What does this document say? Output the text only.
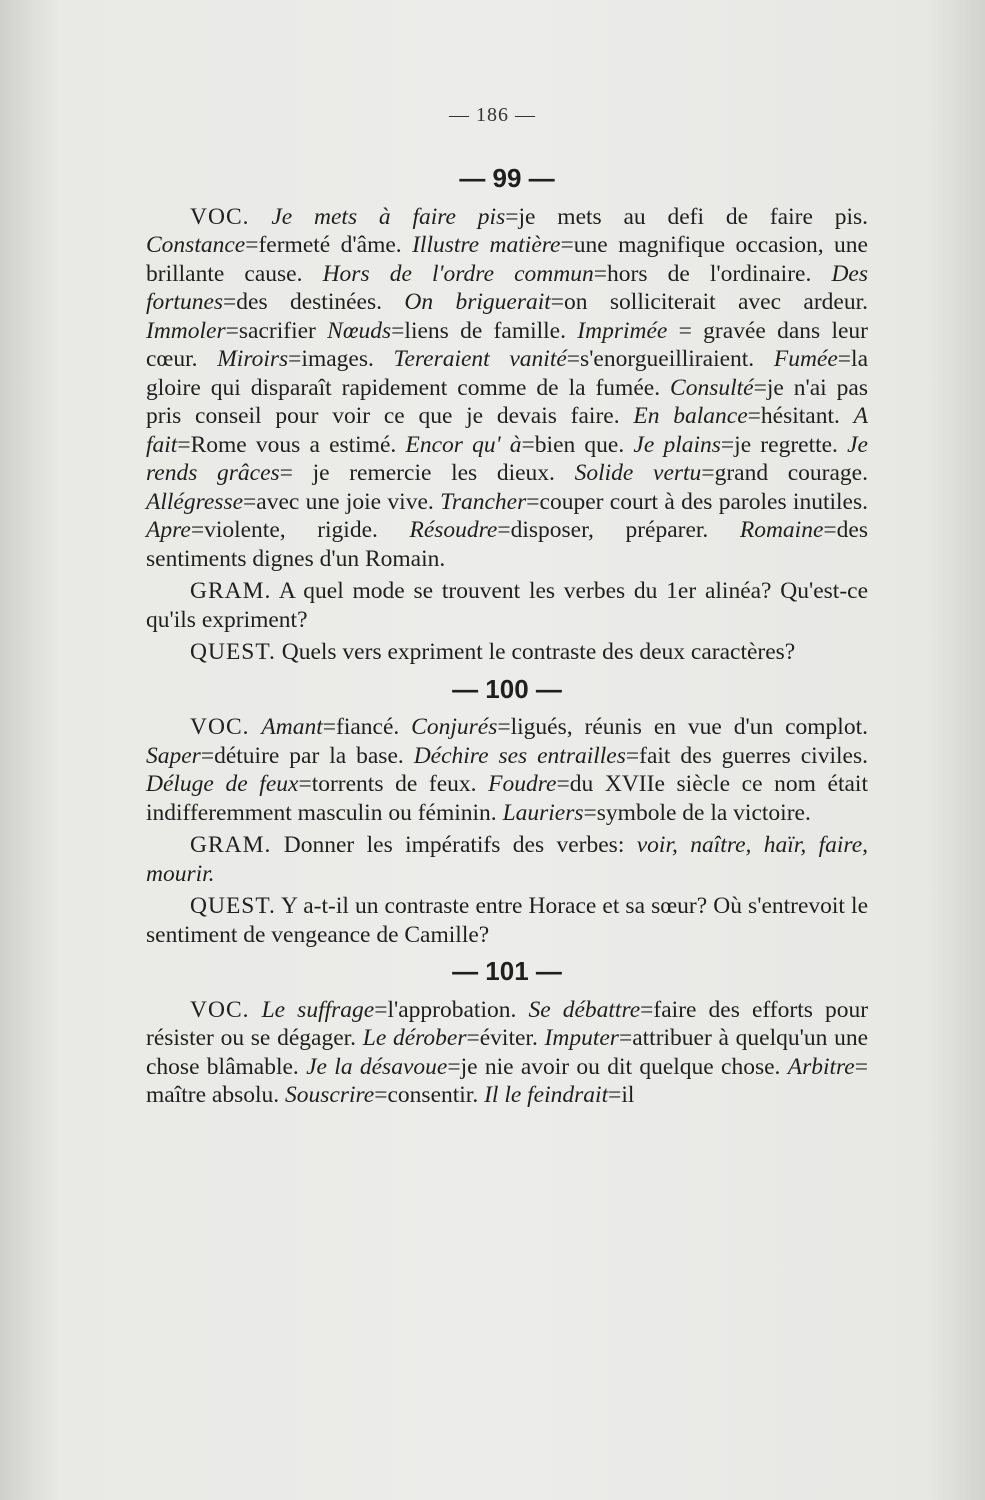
— 186 —
— 99 —

VOC. Je mets à faire pis=je mets au defi de faire pis. Constance=fermeté d'âme. Illustre matière=une magnifique occasion, une brillante cause. Hors de l'ordre commun=hors de l'ordinaire. Des fortunes=des destinées. On briguerait=on solliciterait avec ardeur. Immoler=sacrifier Nœuds=liens de famille. Imprimée = gravée dans leur cœur. Miroirs=images. Tereraient vanité=s'enorgueilliraient. Fumée=la gloire qui disparaît rapidement comme de la fumée. Consulté=je n'ai pas pris conseil pour voir ce que je devais faire. En balance=hésitant. A fait=Rome vous a estimé. Encor qu' à=bien que. Je plains=je regrette. Je rends grâces= je remercie les dieux. Solide vertu=grand courage. Allégresse=avec une joie vive. Trancher=couper court à des paroles inutiles. Apre=violente, rigide. Résoudre=disposer, préparer. Romaine=des sentiments dignes d'un Romain.

GRAM. A quel mode se trouvent les verbes du 1er alinéa? Qu'est-ce qu'ils expriment?

QUEST. Quels vers expriment le contraste des deux caractères?

— 100 —

VOC. Amant=fiancé. Conjurés=ligués, réunis en vue d'un complot. Saper=détuire par la base. Déchire ses entrailles=fait des guerres civiles. Déluge de feux=torrents de feux. Foudre=du XVIIe siècle ce nom était indifferemment masculin ou féminin. Lauriers=symbole de la victoire.

GRAM. Donner les impératifs des verbes: voir, naître, haïr, faire, mourir.

QUEST. Y a-t-il un contraste entre Horace et sa sœur? Où s'entrevoit le sentiment de vengeance de Camille?

— 101 —

VOC. Le suffrage=l'approbation. Se débattre=faire des efforts pour résister ou se dégager. Le dérober=éviter. Imputer=attribuer à quelqu'un une chose blâmable. Je la désavoue=je nie avoir ou dit quelque chose. Arbitre= maître absolu. Souscrire=consentir. Il le feindrait=il
